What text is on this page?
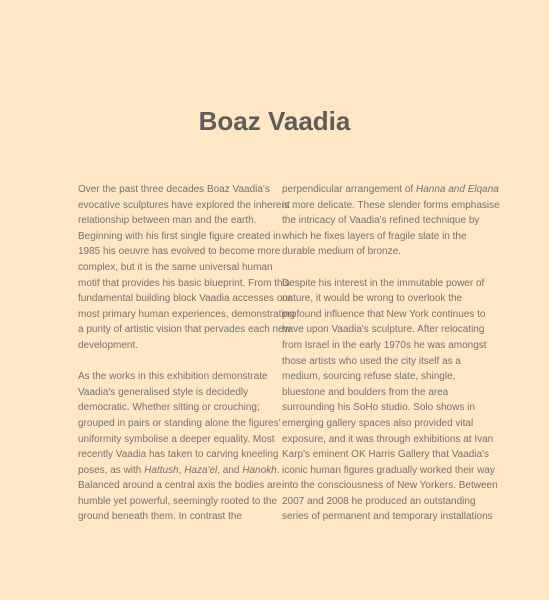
Boaz Vaadia
Over the past three decades Boaz Vaadia's
evocative sculptures have explored the inherent
relationship between man and the earth.
Beginning with his first single figure created in
1985 his oeuvre has evolved to become more
complex, but it is the same universal human
motif that provides his basic blueprint. From this
fundamental building block Vaadia accesses our
most primary human experiences, demonstrating
a purity of artistic vision that pervades each new
development.
As the works in this exhibition demonstrate
Vaadia's generalised style is decidedly
democratic. Whether sitting or crouching;
grouped in pairs or standing alone the figures'
uniformity symbolise a deeper equality. Most
recently Vaadia has taken to carving kneeling
poses, as with Hattush, Haza'el, and Hanokh.
Balanced around a central axis the bodies are
humble yet powerful, seemingly rooted to the
ground beneath them. In contrast the
perpendicular arrangement of Hanna and Elqana
is more delicate. These slender forms emphasise
the intricacy of Vaadia's refined technique by
which he fixes layers of fragile slate in the
durable medium of bronze.
Despite his interest in the immutable power of
nature, it would be wrong to overlook the
profound influence that New York continues to
have upon Vaadia's sculpture. After relocating
from Israel in the early 1970s he was amongst
those artists who used the city itself as a
medium, sourcing refuse slate, shingle,
bluestone and boulders from the area
surrounding his SoHo studio. Solo shows in
emerging gallery spaces also provided vital
exposure, and it was through exhibitions at Ivan
Karp's eminent OK Harris Gallery that Vaadia's
iconic human figures gradually worked their way
into the consciousness of New Yorkers. Between
2007 and 2008 he produced an outstanding
series of permanent and temporary installations
